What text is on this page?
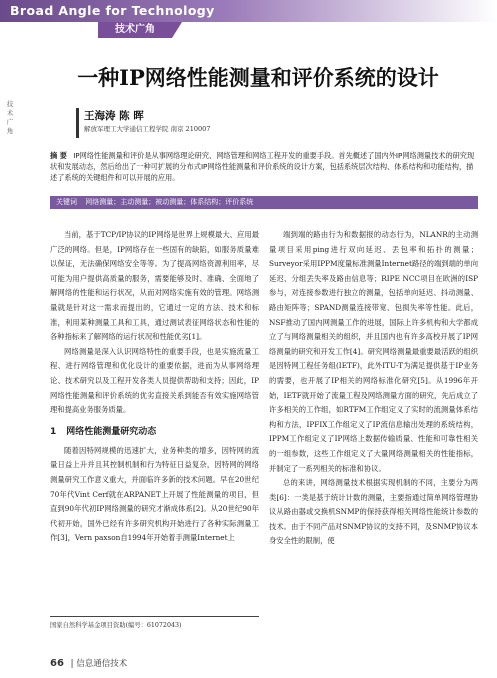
Broad Angle for Technology
技术广角
技术广角
一种IP网络性能测量和评价系统的设计
王海涛 陈 晖
解放军理工大学通信工程学院 南京 210007
摘 要 IP网络性能测量和评价是从事网络理论研究、网络管理和网络工程开发的重要手段。首先概述了国内外IP网络测量技术的研究现状和发展动态，然后给出了一种可扩展的分布式IP网络性能测量和评价系统的设计方案，包括系统层次结构、体系结构和功能结构，描述了系统的关键组件和可以开展的应用。
关键词 网络测量；主动测量；被动测量；体系结构；评价系统

当前，基于TCP/IP协议的IP网络是世界上规模最大、应用最广泛的网络。但是，IP网络存在一些固有的缺陷，如服务质量难以保证，无法确保网络安全等等。为了提高网络资源利用率，尽可能为用户提供高质量的服务，需要能够及时、准确、全面地了解网络的性能和运行状况，从而对网络实施有效的管理。网络测量就是针对这一需求而提出的，它通过一定的方法、技术和标准，利用某种测量工具和工具，通过测试表征网络状态和性能的各种指标来了解网络的运行状况和性能优劣[1]。

网络测量是深入认识网络特性的重要手段，也是实施流量工程、进行网络管理和优化设计的重要依据，进而为从事网络理论、技术研究以及工程开发各类人员提供帮助和支持；因此，IP网络性能测量和评价系统的优劣直接关系到能否有效实施网络管理和提高业务服务质量。

1 网络性能测量研究动态

随着因特网规模的迅速扩大，业务种类的增多，因特网的流量日益上升并且其控制机制和行为特征日益复杂，因特网的网络测量研究工作意义重大，并面临许多新的技术问题。早在20世纪70年代Vint Cerf就在ARPANET上开展了性能测量的项目，但直到90年代初IP网络测量的研究才渐成体系[2]。从20世纪90年代初开始，国外已经有许多研究机构开始进行了各种实际测量工作[3]，Vern paxson自1994年开始着手测量Internet上

端到端的路由行为和数据报的动态行为，NLANR的主动测量项目采用ping进行双向延迟、丢包率和拓扑的测量；Surveyor采用IPPM度量标准测量Internet路径的端到端的单向延迟、分组丢失率及路由信息等；RIPE NCC项目在欧洲的ISP参与，对连接参数进行独立的测量，包括单向延迟、抖动测量、路由矩阵等；SPAND测量连接带宽、包损失率等性能。此后，NSF推动了国内网测量工作的进展，国际上许多机构和大学都成立了与网络测量相关的组织，并且国内也有许多高校开展了IP网络测量的研究和开发工作[4]。研究网络测量最重要最活跃的组织是因特网工程任务组(IETF)，此外ITU-T为满足提供基于IP业务的需要，也开展了IP相关的网络标准化研究[5]。从1996年开始，IETF就开始了流量工程及网络测量方面的研究，先后成立了许多相关的工作组，如RTFM工作组定义了实时的流测量体系结构和方法，IPFIX工作组定义了IP流信息输出处理的系统结构，IPPM工作组定义了IP网络上数据传输质量、性能和可靠性相关的一组参数，这些工作组定义了大量网络测量相关的性能指标，并制定了一系列相关的标准和协议。

总的来讲，网络测量技术根据实现机制的不同，主要分为两类[6]：一类是基于统计计数的测量，主要指通过简单网络管理协议从路由器或交换机SNMP的保持获得相关网络性能统计参数的技术。由于不同产品对SNMP协议的支持不同，及SNMP协议本身安全性的限制，使

国家自然科学基金项目资助(编号：61072043)
66 | 信息通信技术
